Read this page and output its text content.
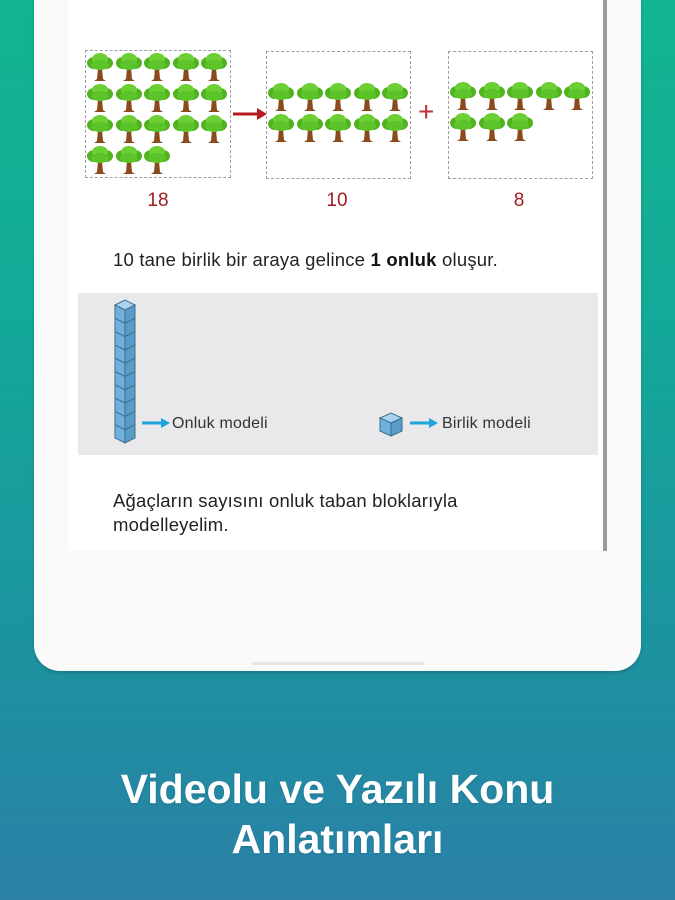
18
+
10	8
10 tane birlik bir araya gelince 1 onluk oluşur.
Onluk modeli	Birlik modeli
Ağaçların sayısını onluk taban bloklarıyla modelleyelim.
Videolu ve Yazılı Konu
Anlatımları
